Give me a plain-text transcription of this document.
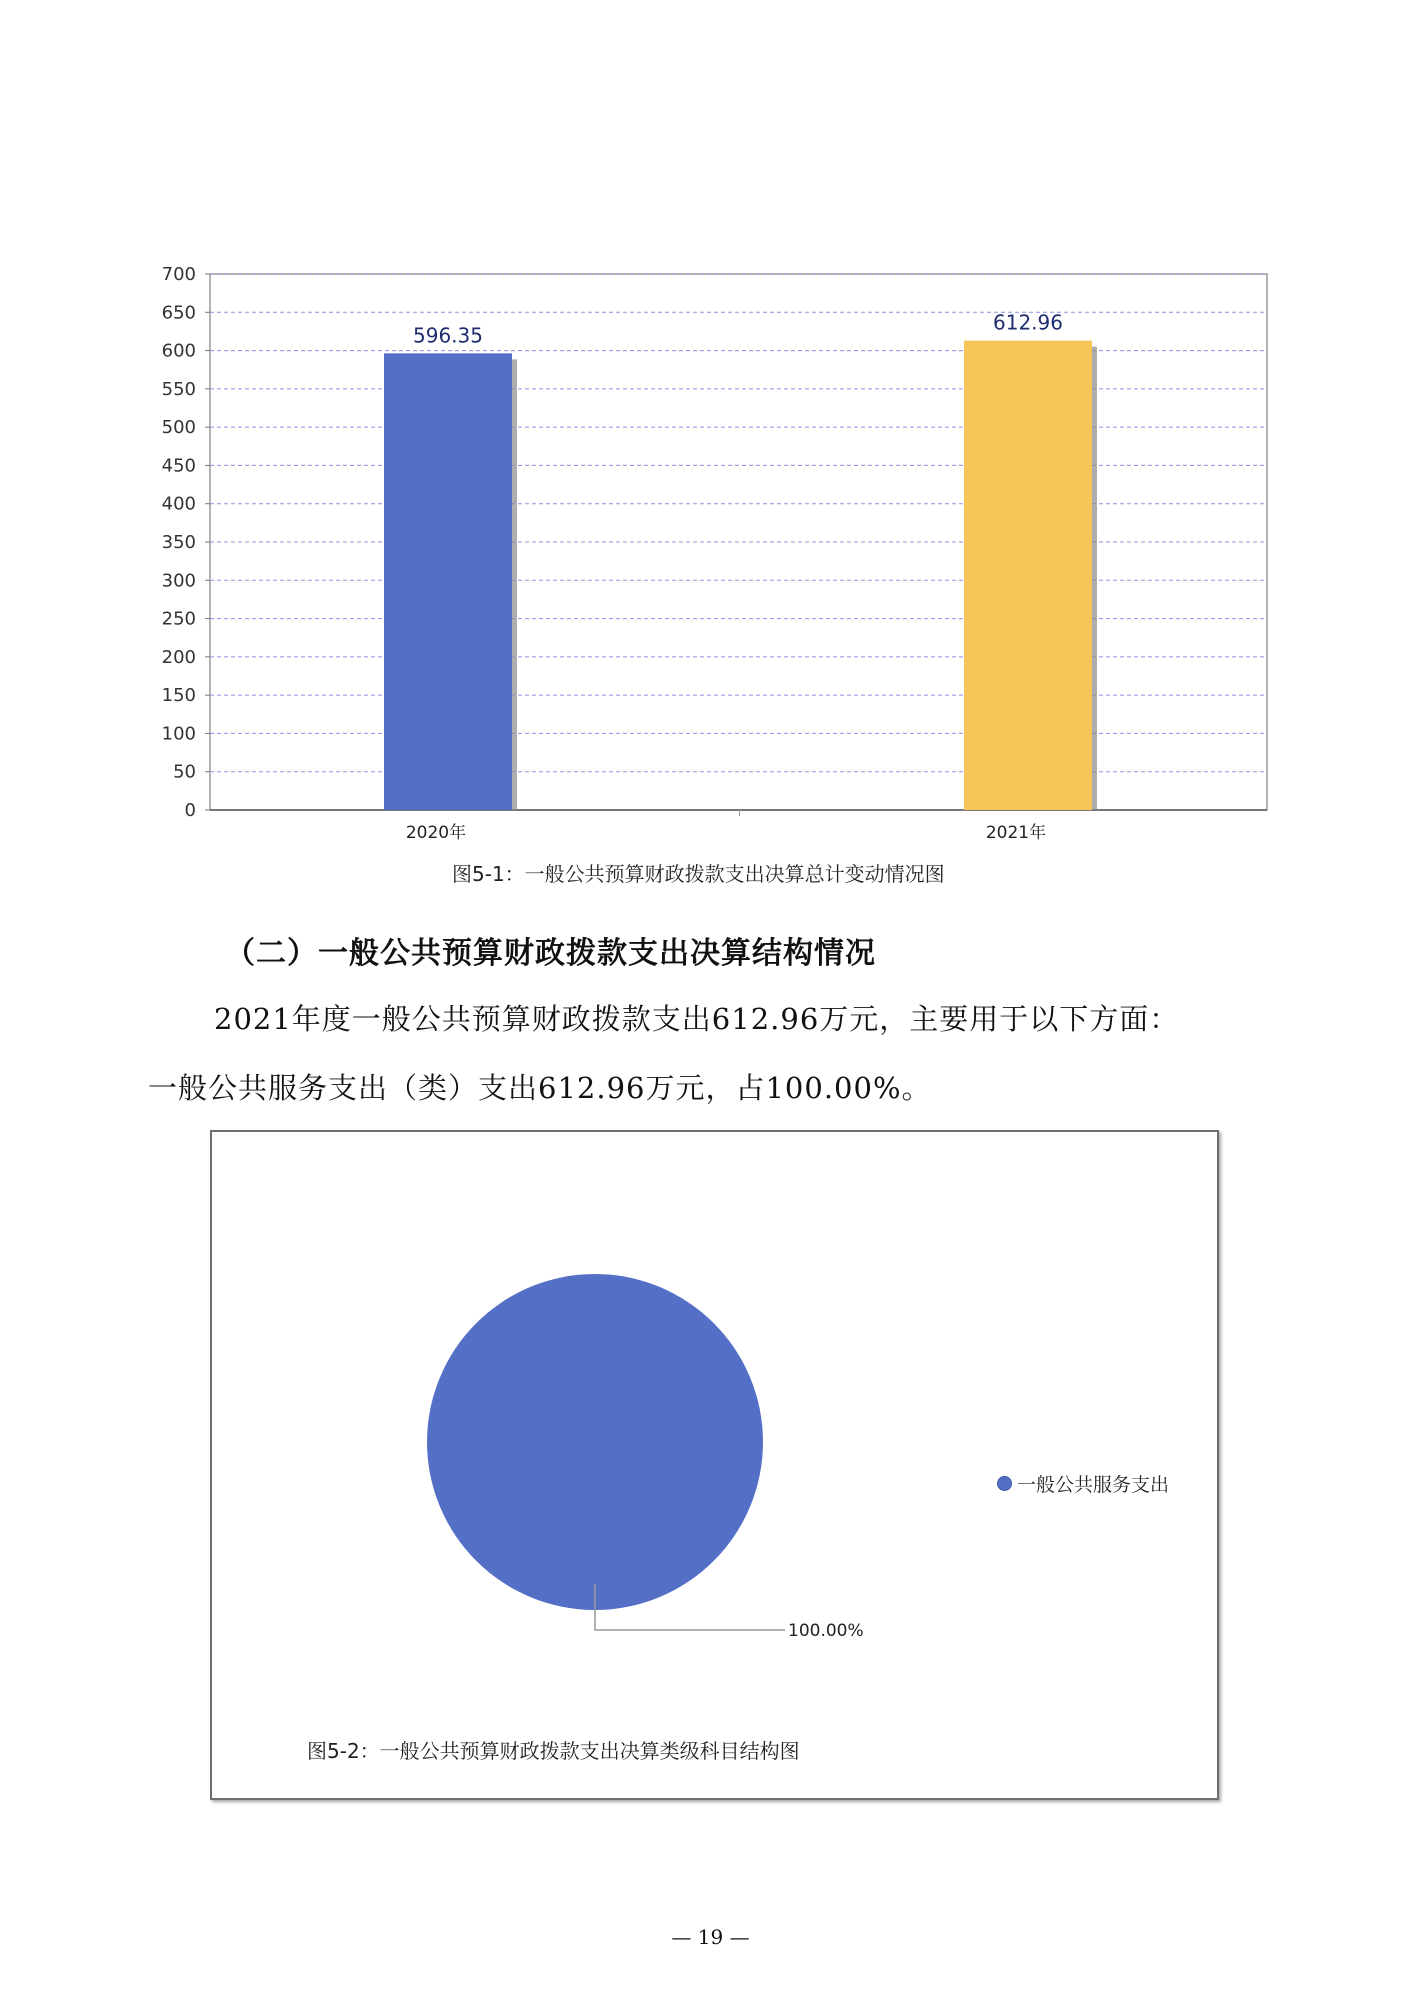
0
50
100
150
200
250
300
350
400
450
500
550
600
650
700
596.35
612.96
2020年	2021年
图5-1：一般公共预算财政拨款支出决算总计变动情况图
（二）一般公共预算财政拨款支出决算结构情况
2021年度一般公共预算财政拨款支出612.96万元，主要用于以下方面：
一般公共服务支出（类）支出612.96万元，占100.00%。
100.00%
一般公共服务支出
图5-2：一般公共预算财政拨款支出决算类级科目结构图
— 19 —
